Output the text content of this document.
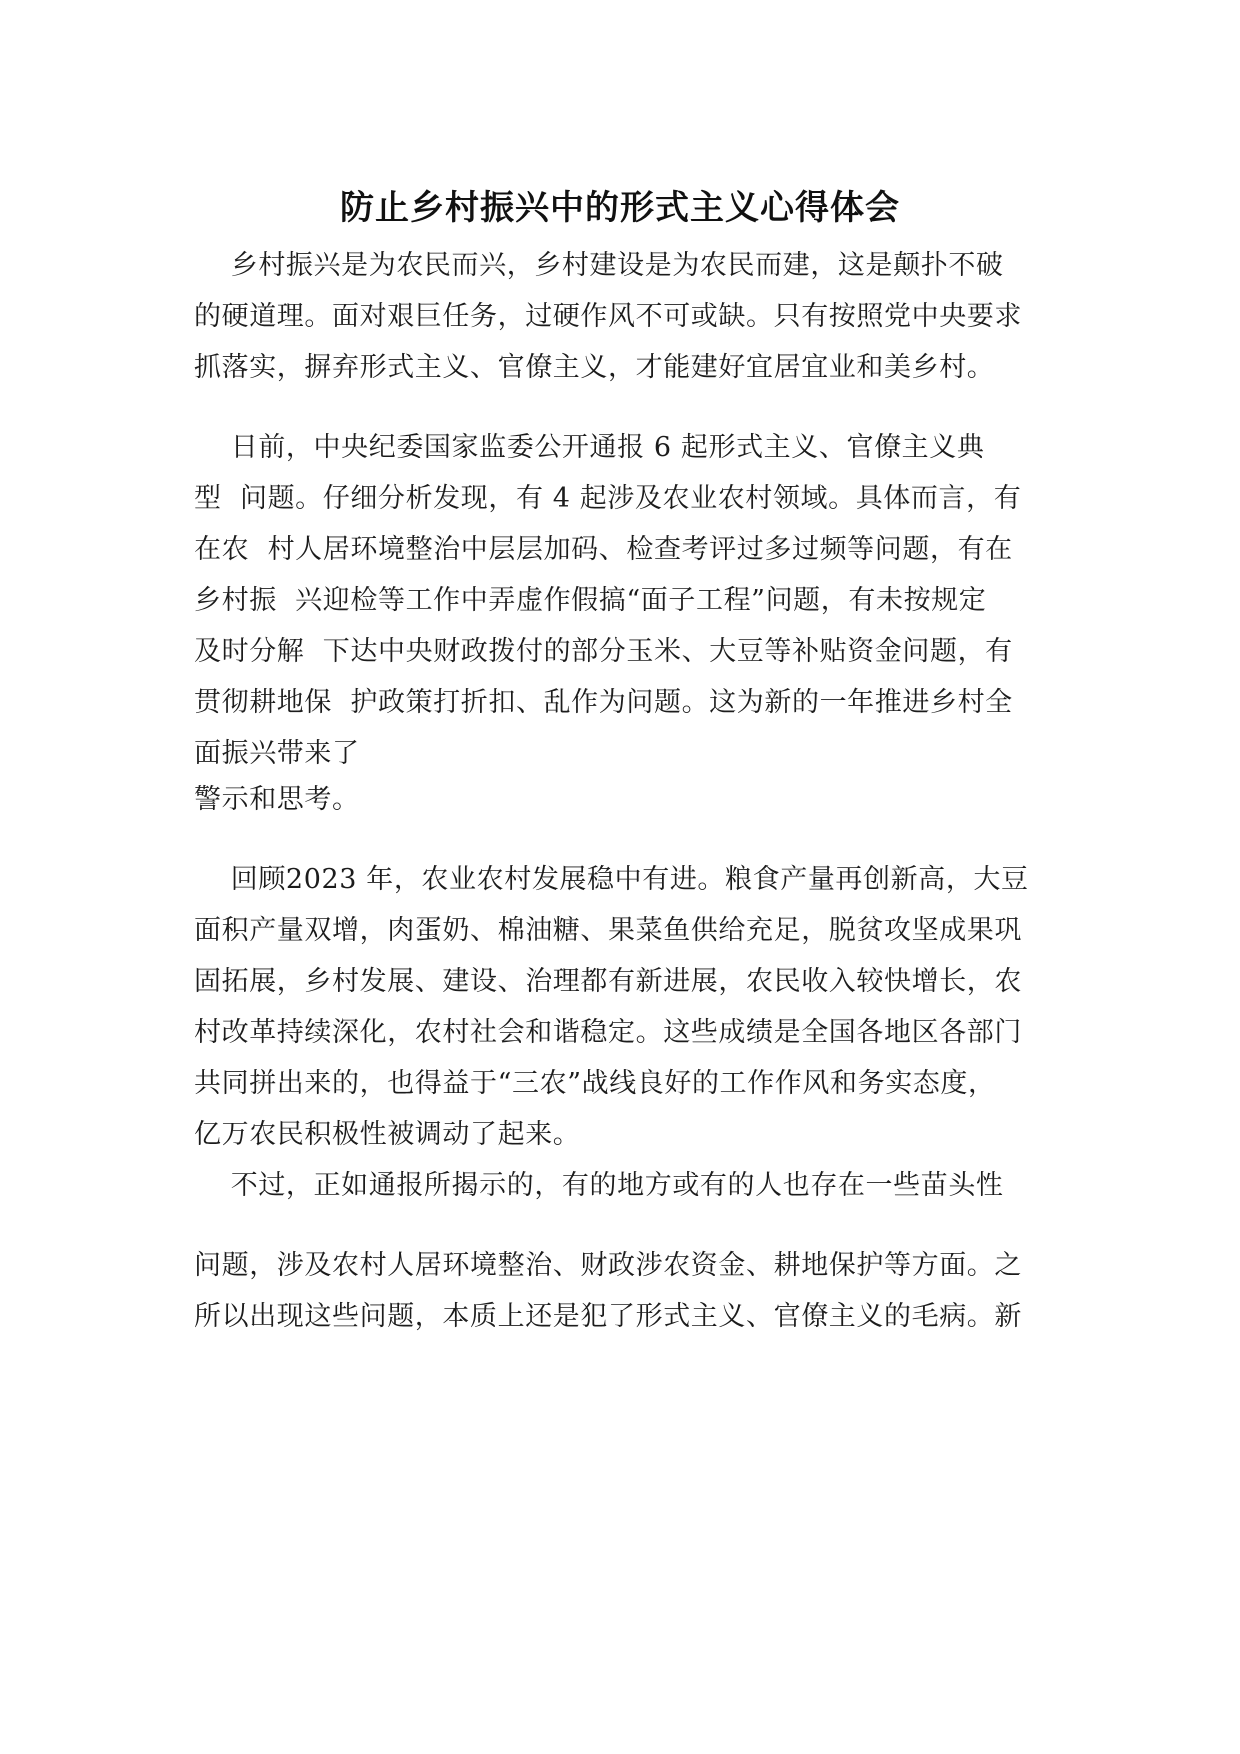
防止乡村振兴中的形式主义心得体会
乡村振兴是为农民而兴，乡村建设是为农民而建，这是颠扑不破
的硬道理。面对艰巨任务，过硬作风不可或缺。只有按照党中央要求
抓落实，摒弃形式主义、官僚主义，才能建好宜居宜业和美乡村。
日前，中央纪委国家监委公开通报 6 起形式主义、官僚主义典
型  问题。仔细分析发现，有 4 起涉及农业农村领域。具体而言，有
在农  村人居环境整治中层层加码、检查考评过多过频等问题，有在
乡村振  兴迎检等工作中弄虚作假搞“面子工程”问题，有未按规定
及时分解  下达中央财政拨付的部分玉米、大豆等补贴资金问题，有
贯彻耕地保  护政策打折扣、乱作为问题。这为新的一年推进乡村全
面振兴带来了
警示和思考。
回顾2023 年，农业农村发展稳中有进。粮食产量再创新高，大豆
面积产量双增，肉蛋奶、棉油糖、果菜鱼供给充足，脱贫攻坚成果巩
固拓展，乡村发展、建设、治理都有新进展，农民收入较快增长，农
村改革持续深化，农村社会和谐稳定。这些成绩是全国各地区各部门
共同拼出来的，也得益于“三农”战线良好的工作作风和务实态度，
亿万农民积极性被调动了起来。
不过，正如通报所揭示的，有的地方或有的人也存在一些苗头性
问题，涉及农村人居环境整治、财政涉农资金、耕地保护等方面。之
所以出现这些问题，本质上还是犯了形式主义、官僚主义的毛病。新
